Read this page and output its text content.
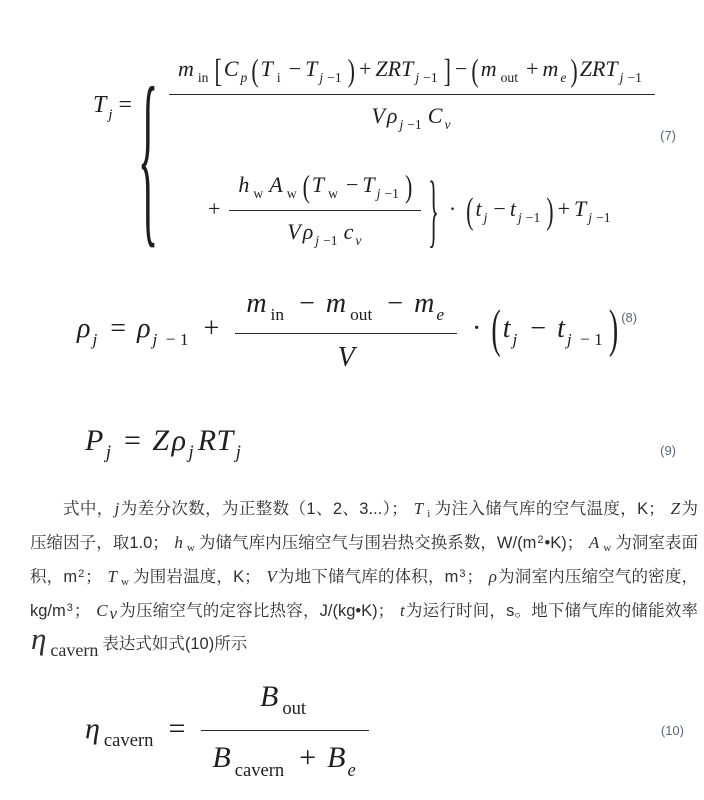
T $_j$ = { $\frac{m _{in} [C _p (T _i - T _{j -1} ) + ZRT _{j -1} ] - (m _{out} + m _e )ZRT _{j -1}}{V\rho _{j -1} C _v}$
+ $\frac{h _w A _w (T _w - T _{j -1} )}{V\rho _{j -1} c _v}$ } · (t $_j$ − t $_{j -1}$ ) + T $_{j -1}$
(7)
ρ $_j$ = ρ $_{j - 1} + \frac{m _{in} - m _{out} - m _e}{V} \cdot (t$ $_j$ − t $_{j - 1}$ ) $^{(8)}$
P $_j$ = Zρ $_j$ RT $_j$	(9)

式中，j为差分次数，为正整数（1、2、3...）； T i 为注入储气库的空气温度，K； Z为压缩因子，取1.0； h w 为储气库内压缩空气与围岩热交换系数，$W/(m^2•K)$； A w 为洞室表面积，$m^2$； T w 为围岩温度，K； V为地下储气库的体积，$m^3$； ρ为洞室内压缩空气的密度，$kg/m^3$； C v 为压缩空气的定容比热容，J/(kg•K)； t为运行时间，s。地下储气库的储能效率η cavern 表达式如式(10)所示

η $_{cavern} = \frac{B _{out}}{B _{cavern} + B _e}$	(10)
